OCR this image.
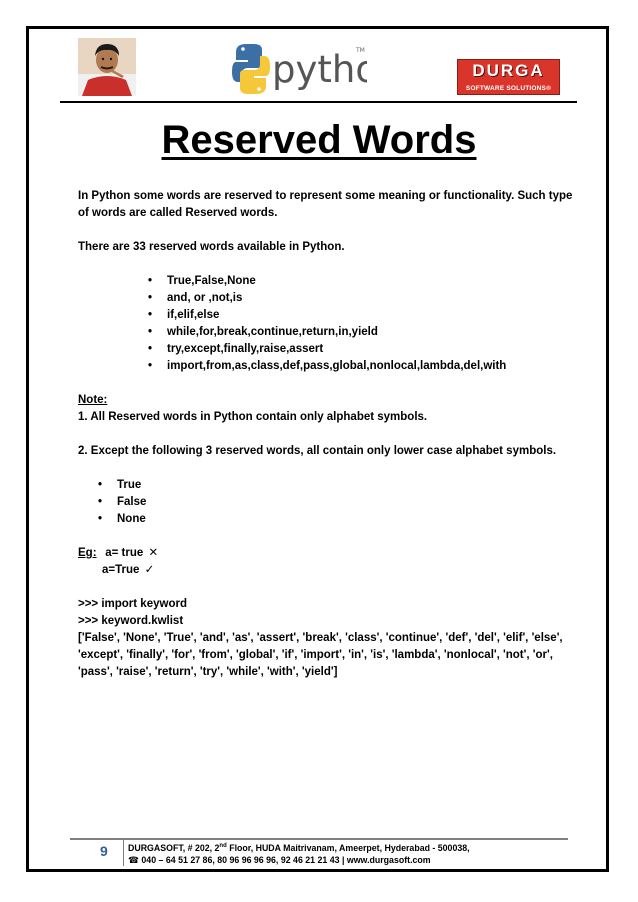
pytho
TM
DURGA
SOFTWARE SOLUTIONS®
Reserved Words

In Python some words are reserved to represent some meaning or functionality. Such type of words are called Reserved words.

There are 33 reserved words available in Python.

• True,False,None
• and, or ,not,is
• if,elif,else
• while,for,break,continue,return,in,yield
• try,except,finally,raise,assert
• import,from,as,class,def,pass,global,nonlocal,lambda,del,with

Note:

1. All Reserved words in Python contain only alphabet symbols.

2. Except the following 3 reserved words, all contain only lower case alphabet symbols.

• True
• False
• None
Eg: a= true ✕
a=True ✓

>>> import keyword

>>> keyword.kwlist

['False', 'None', 'True', 'and', 'as', 'assert', 'break', 'class', 'continue', 'def', 'del', 'elif', 'else', 'except', 'finally', 'for', 'from', 'global', 'if', 'import', 'in', 'is', 'lambda', 'nonlocal', 'not', 'or', 'pass', 'raise', 'return', 'try', 'while', 'with', 'yield']

9 DURGASOFT, # 202, 2nd Floor, HUDA Maitrivanam, Ameerpet, Hyderabad - 500038,
☎ 040 – 64 51 27 86, 80 96 96 96 96, 92 46 21 21 43 | www.durgasoft.com
